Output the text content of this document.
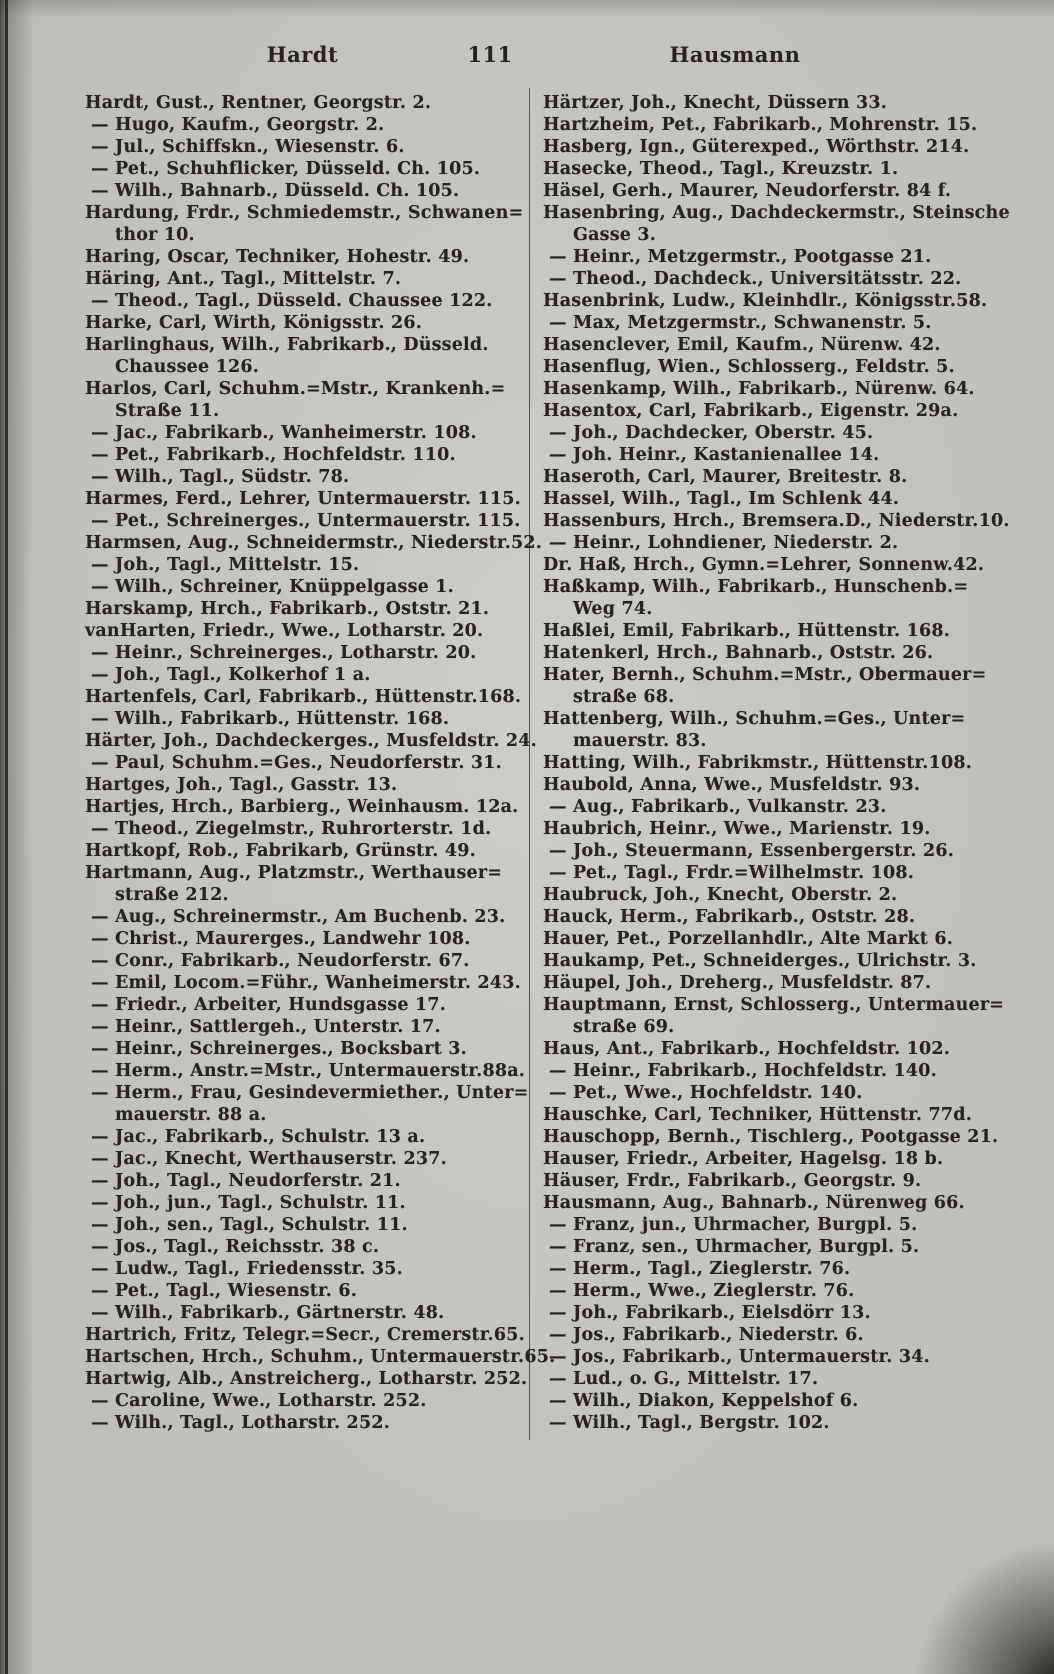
Hardt	111	Hausmann
Hardt, Gust., Rentner, Georgstr. 2.
— Hugo, Kaufm., Georgstr. 2.
— Jul., Schiffskn., Wiesenstr. 6.
— Pet., Schuhflicker, Düsseld. Ch. 105.
— Wilh., Bahnarb., Düsseld. Ch. 105.
Hardung, Frdr., Schmiedemstr., Schwanen=
thor 10.
Haring, Oscar, Techniker, Hohestr. 49.
Häring, Ant., Tagl., Mittelstr. 7.
— Theod., Tagl., Düsseld. Chaussee 122.
Harke, Carl, Wirth, Königsstr. 26.
Harlinghaus, Wilh., Fabrikarb., Düsseld.
Chaussee 126.
Harlos, Carl, Schuhm.=Mstr., Krankenh.=
Straße 11.
— Jac., Fabrikarb., Wanheimerstr. 108.
— Pet., Fabrikarb., Hochfeldstr. 110.
— Wilh., Tagl., Südstr. 78.
Harmes, Ferd., Lehrer, Untermauerstr. 115.
— Pet., Schreinerges., Untermauerstr. 115.
Harmsen, Aug., Schneidermstr., Niederstr.52.
— Joh., Tagl., Mittelstr. 15.
— Wilh., Schreiner, Knüppelgasse 1.
Harskamp, Hrch., Fabrikarb., Oststr. 21.
vanHarten, Friedr., Wwe., Lotharstr. 20.
— Heinr., Schreinerges., Lotharstr. 20.
— Joh., Tagl., Kolkerhof 1 a.
Hartenfels, Carl, Fabrikarb., Hüttenstr.168.
— Wilh., Fabrikarb., Hüttenstr. 168.
Härter, Joh., Dachdeckerges., Musfeldstr. 24.
— Paul, Schuhm.=Ges., Neudorferstr. 31.
Hartges, Joh., Tagl., Gasstr. 13.
Hartjes, Hrch., Barbierg., Weinhausm. 12a.
— Theod., Ziegelmstr., Ruhrorterstr. 1d.
Hartkopf, Rob., Fabrikarb, Grünstr. 49.
Hartmann, Aug., Platzmstr., Werthauser=
straße 212.
— Aug., Schreinermstr., Am Buchenb. 23.
— Christ., Maurerges., Landwehr 108.
— Conr., Fabrikarb., Neudorferstr. 67.
— Emil, Locom.=Führ., Wanheimerstr. 243.
— Friedr., Arbeiter, Hundsgasse 17.
— Heinr., Sattlergeh., Unterstr. 17.
— Heinr., Schreinerges., Bocksbart 3.
— Herm., Anstr.=Mstr., Untermauerstr.88a.
— Herm., Frau, Gesindevermiether., Unter=
mauerstr. 88 a.
— Jac., Fabrikarb., Schulstr. 13 a.
— Jac., Knecht, Werthauserstr. 237.
— Joh., Tagl., Neudorferstr. 21.
— Joh., jun., Tagl., Schulstr. 11.
— Joh., sen., Tagl., Schulstr. 11.
— Jos., Tagl., Reichsstr. 38 c.
— Ludw., Tagl., Friedensstr. 35.
— Pet., Tagl., Wiesenstr. 6.
— Wilh., Fabrikarb., Gärtnerstr. 48.
Hartrich, Fritz, Telegr.=Secr., Cremerstr.65.
Hartschen, Hrch., Schuhm., Untermauerstr.65.
Hartwig, Alb., Anstreicherg., Lotharstr. 252.
— Caroline, Wwe., Lotharstr. 252.
— Wilh., Tagl., Lotharstr. 252.
Härtzer, Joh., Knecht, Düssern 33.
Hartzheim, Pet., Fabrikarb., Mohrenstr. 15.
Hasberg, Ign., Güterexped., Wörthstr. 214.
Hasecke, Theod., Tagl., Kreuzstr. 1.
Häsel, Gerh., Maurer, Neudorferstr. 84 f.
Hasenbring, Aug., Dachdeckermstr., Steinsche
Gasse 3.
— Heinr., Metzgermstr., Pootgasse 21.
— Theod., Dachdeck., Universitätsstr. 22.
Hasenbrink, Ludw., Kleinhdlr., Königsstr.58.
— Max, Metzgermstr., Schwanenstr. 5.
Hasenclever, Emil, Kaufm., Nürenw. 42.
Hasenflug, Wien., Schlosserg., Feldstr. 5.
Hasenkamp, Wilh., Fabrikarb., Nürenw. 64.
Hasentox, Carl, Fabrikarb., Eigenstr. 29a.
— Joh., Dachdecker, Oberstr. 45.
— Joh. Heinr., Kastanienallee 14.
Haseroth, Carl, Maurer, Breitestr. 8.
Hassel, Wilh., Tagl., Im Schlenk 44.
Hassenburs, Hrch., Bremsera.D., Niederstr.10.
— Heinr., Lohndiener, Niederstr. 2.
Dr. Haß, Hrch., Gymn.=Lehrer, Sonnenw.42.
Haßkamp, Wilh., Fabrikarb., Hunschenb.=
Weg 74.
Haßlei, Emil, Fabrikarb., Hüttenstr. 168.
Hatenkerl, Hrch., Bahnarb., Oststr. 26.
Hater, Bernh., Schuhm.=Mstr., Obermauer=
straße 68.
Hattenberg, Wilh., Schuhm.=Ges., Unter=
mauerstr. 83.
Hatting, Wilh., Fabrikmstr., Hüttenstr.108.
Haubold, Anna, Wwe., Musfeldstr. 93.
— Aug., Fabrikarb., Vulkanstr. 23.
Haubrich, Heinr., Wwe., Marienstr. 19.
— Joh., Steuermann, Essenbergerstr. 26.
— Pet., Tagl., Frdr.=Wilhelmstr. 108.
Haubruck, Joh., Knecht, Oberstr. 2.
Hauck, Herm., Fabrikarb., Oststr. 28.
Hauer, Pet., Porzellanhdlr., Alte Markt 6.
Haukamp, Pet., Schneiderges., Ulrichstr. 3.
Häupel, Joh., Dreherg., Musfeldstr. 87.
Hauptmann, Ernst, Schlosserg., Untermauer=
straße 69.
Haus, Ant., Fabrikarb., Hochfeldstr. 102.
— Heinr., Fabrikarb., Hochfeldstr. 140.
— Pet., Wwe., Hochfeldstr. 140.
Hauschke, Carl, Techniker, Hüttenstr. 77d.
Hauschopp, Bernh., Tischlerg., Pootgasse 21.
Hauser, Friedr., Arbeiter, Hagelsg. 18 b.
Häuser, Frdr., Fabrikarb., Georgstr. 9.
Hausmann, Aug., Bahnarb., Nürenweg 66.
— Franz, jun., Uhrmacher, Burgpl. 5.
— Franz, sen., Uhrmacher, Burgpl. 5.
— Herm., Tagl., Zieglerstr. 76.
— Herm., Wwe., Zieglerstr. 76.
— Joh., Fabrikarb., Eielsdörr 13.
— Jos., Fabrikarb., Niederstr. 6.
— Jos., Fabrikarb., Untermauerstr. 34.
— Lud., o. G., Mittelstr. 17.
— Wilh., Diakon, Keppelshof 6.
— Wilh., Tagl., Bergstr. 102.
